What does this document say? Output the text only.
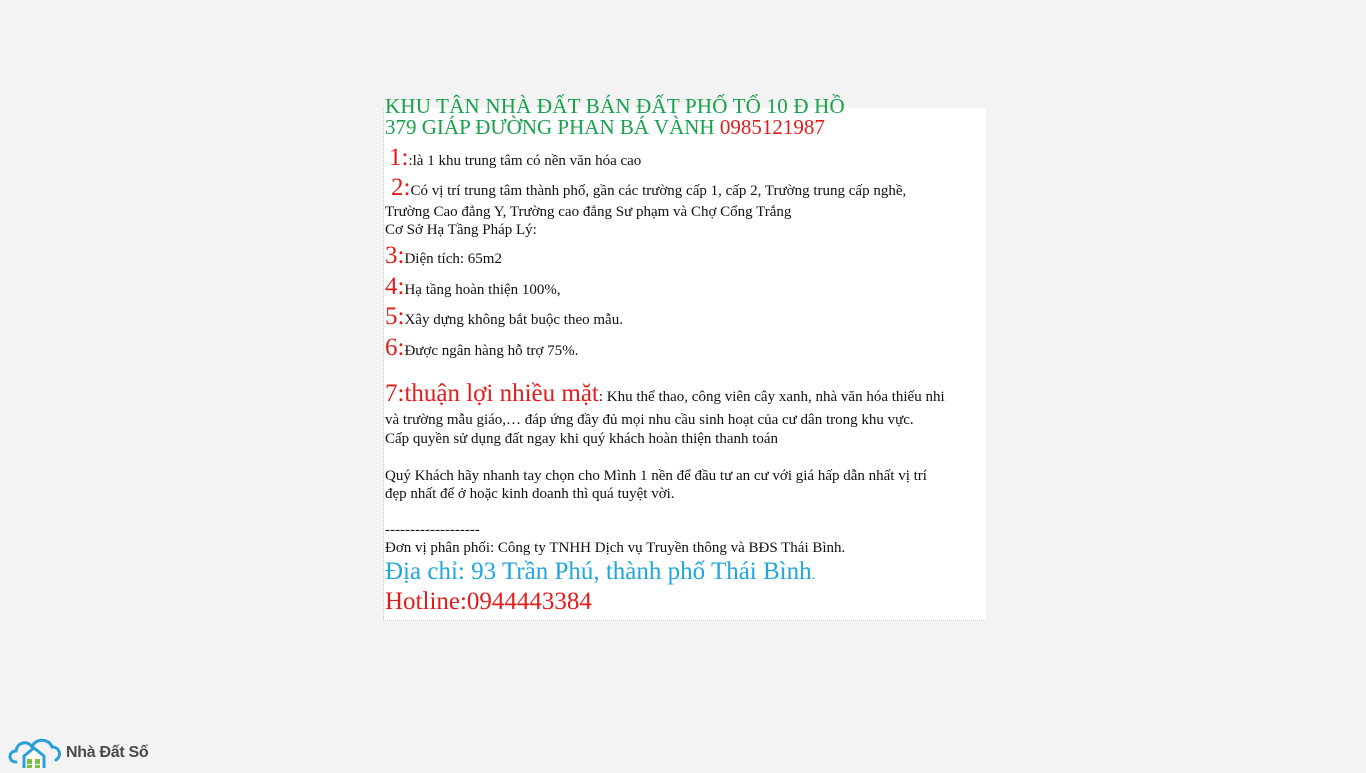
KHU TÂN NHÀ ĐẤT BÁN ĐẤT PHỐ TỔ 10 Đ HỒ
379 GIÁP ĐƯỜNG PHAN BÁ VÀNH 0985121987
1::là 1 khu trung tâm có nền văn hóa cao
2:Có vị trí trung tâm thành phố, gần các trường cấp 1, cấp 2, Trường trung cấp nghề,
Trường Cao đẳng Y, Trường cao đẳng Sư phạm và Chợ Cổng Trắng
Cơ Sở Hạ Tầng Pháp Lý:
3:Diện tích: 65m2
4:Hạ tầng hoàn thiện 100%,
5:Xây dựng không bắt buộc theo mẫu.
6:Được ngân hàng hỗ trợ 75%.
7:thuận lợi nhiều mặt: Khu thể thao, công viên cây xanh, nhà văn hóa thiếu nhi
và trường mẫu giáo,… đáp ứng đầy đủ mọi nhu cầu sinh hoạt của cư dân trong khu vực.
Cấp quyền sử dụng đất ngay khi quý khách hoàn thiện thanh toán
Quý Khách hãy nhanh tay chọn cho Mình 1 nền để đầu tư an cư với giá hấp dẫn nhất vị trí
đẹp nhất để ở hoặc kinh doanh thì quá tuyệt vời.
-------------------
Đơn vị phân phối: Công ty TNHH Dịch vụ Truyền thông và BĐS Thái Bình.
Địa chỉ: 93 Trần Phú, thành phố Thái Bình.
Hotline:0944443384
Nhà Đất Số
